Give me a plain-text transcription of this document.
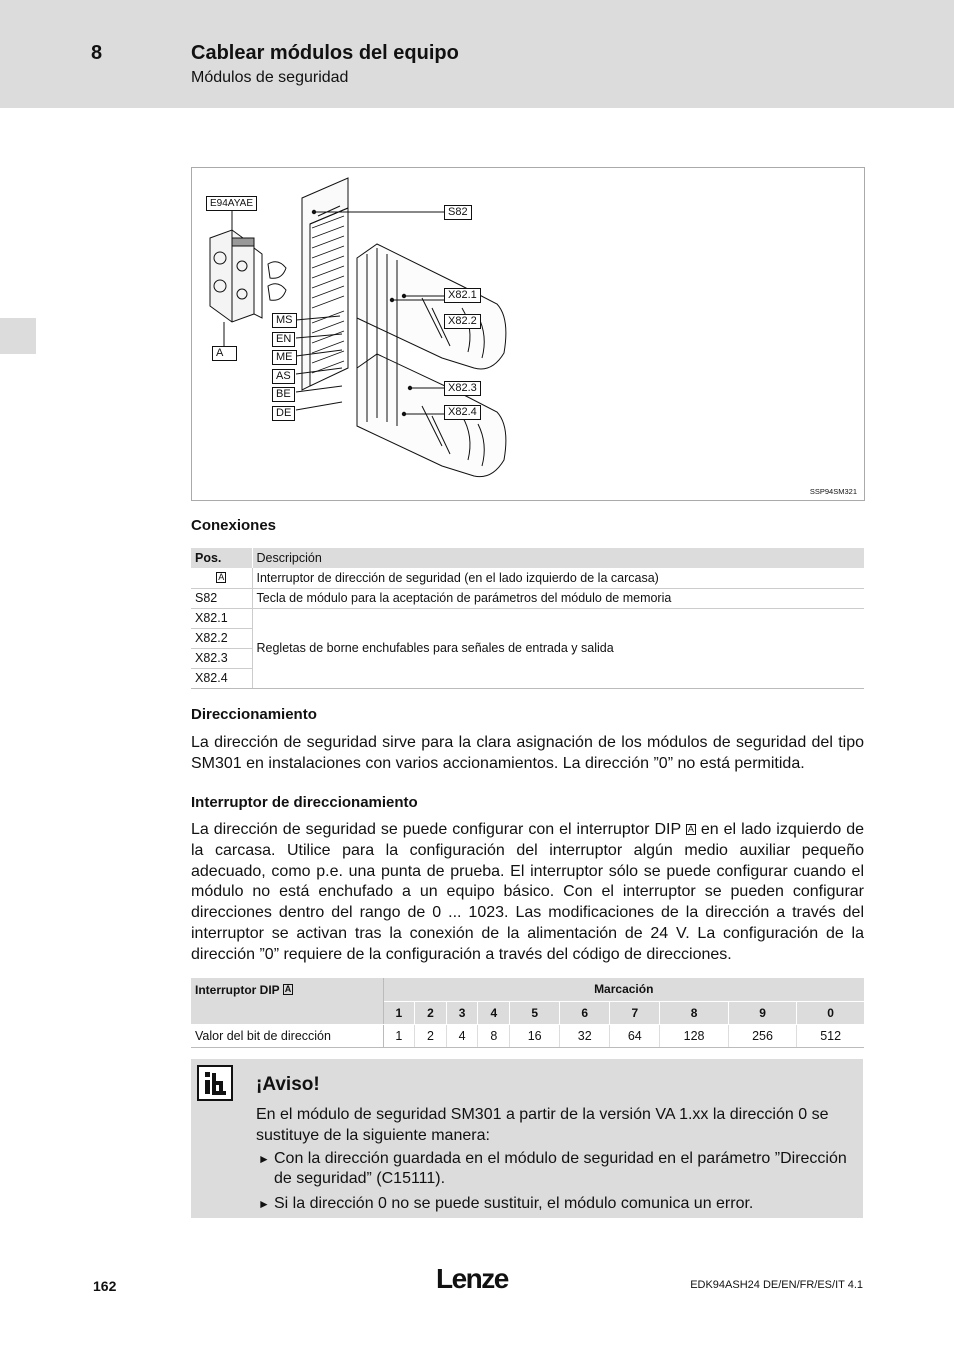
8	Cablear módulos del equipo
Módulos de seguridad
E94AYAE
S82
X82.1
X82.2
X82.3
X82.4
MS
EN
ME
AS
BE
DE
A
SSP94SM321
Conexiones
Pos.	Descripción
A	Interruptor de dirección de seguridad (en el lado izquierdo de la carcasa)
S82	Tecla de módulo para la aceptación de parámetros del módulo de memoria
X82.1	Regletas de borne enchufables para señales de entrada y salida
X82.2	
X82.3	
X82.4	
Direccionamiento
La dirección de seguridad sirve para la clara asignación de los módulos de seguridad del tipo SM301 en instalaciones con varios accionamientos. La dirección ”0” no está permitida.
Interruptor de direccionamiento
La dirección de seguridad se puede configurar con el interruptor DIP A en el lado izquierdo de la carcasa. Utilice para la configuración del interruptor algún medio auxiliar pequeño adecuado, como p.e. una punta de prueba. El interruptor sólo se puede configurar cuando el módulo no está enchufado a un equipo básico. Con el interruptor se pueden configurar direcciones dentro del rango de 0 ... 1023. Las modificaciones de la dirección a través del interruptor se activan tras la conexión de la alimentación de 24 V. La configuración de la dirección ”0” requiere de la configuración a través del código de direcciones.
Interruptor DIP A	Marcación									
	1	2	3	4	5	6	7	8	9	0
Valor del bit de dirección	1	2	4	8	16	32	64	128	256	512
¡Aviso!
En el módulo de seguridad SM301 a partir de la versión VA 1.xx la dirección 0 se sustituye de la siguiente manera:
► Con la dirección guardada en el módulo de seguridad en el parámetro ”Dirección de seguridad” (C15111).
► Si la dirección 0 no se puede sustituir, el módulo comunica un error.
162	Lenze	EDK94ASH24 DE/EN/FR/ES/IT 4.1
